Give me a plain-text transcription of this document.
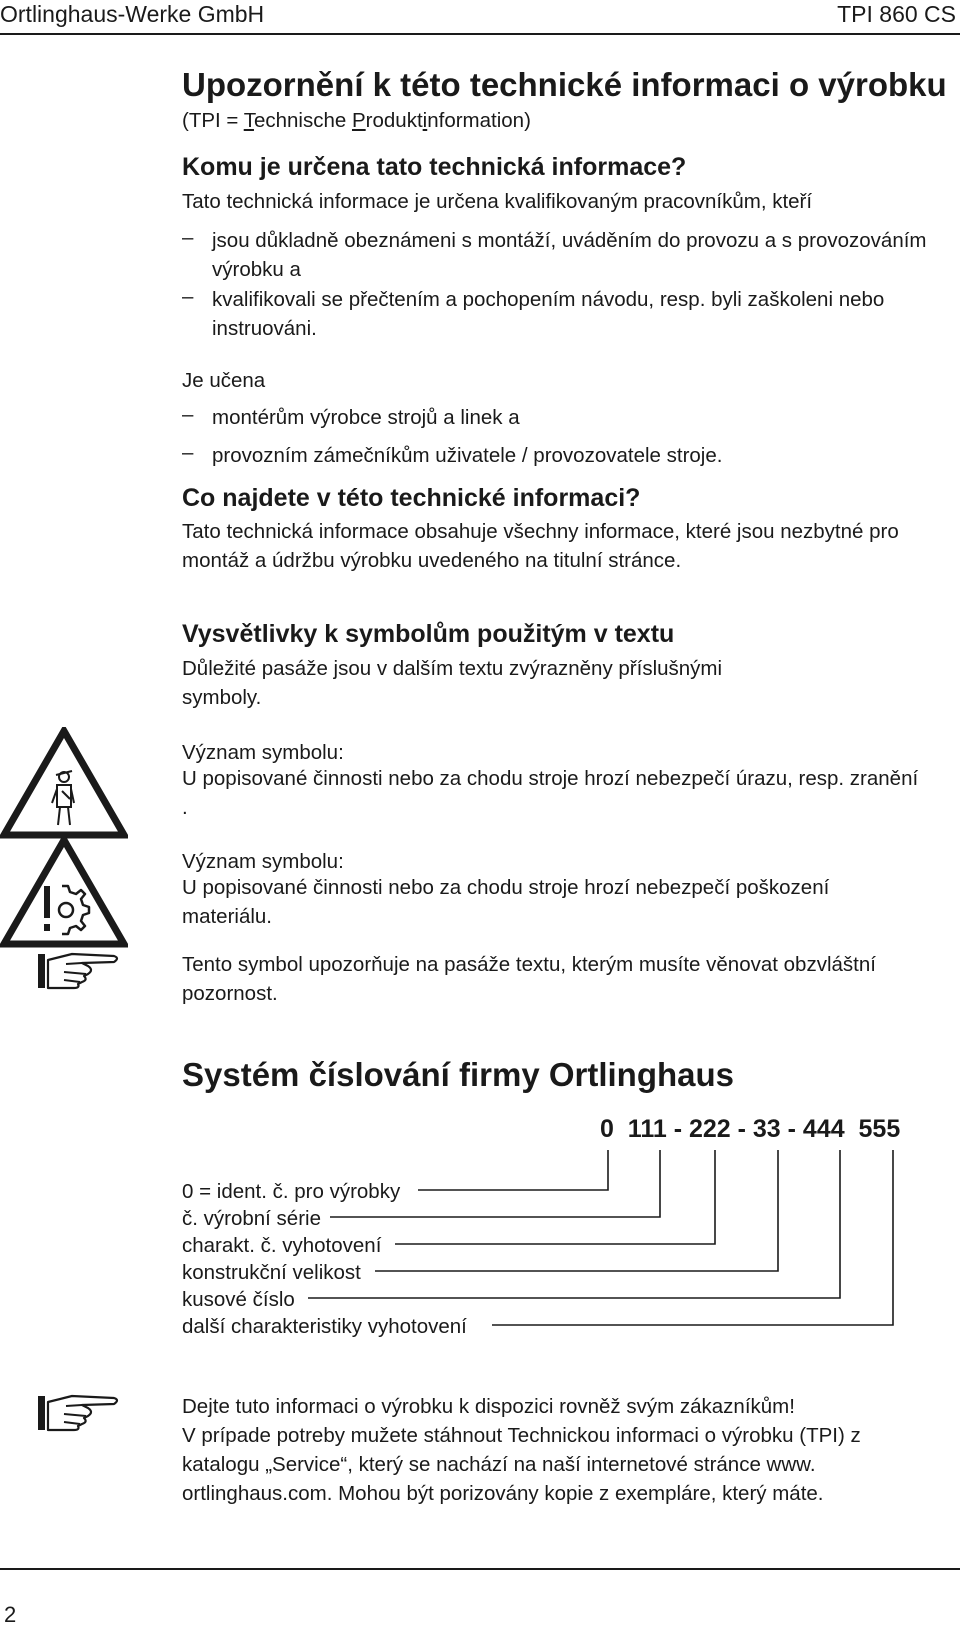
Ortlinghaus-Werke GmbH	TPI 860 CS
Upozornění k této technické informaci o výrobku
(TPI = Technische Produktinformation)
Komu je určena tato technická informace?
Tato technická informace je určena kvalifikovaným pracovníkům, kteří
– jsou důkladně obeznámeni s montáží, uváděním do provozu a s provozováním výrobku a
– kvalifikovali se přečtením a pochopením návodu, resp. byli zaškoleni nebo instruováni.
Je učena
– montérům výrobce strojů a linek a
– provozním zámečníkům uživatele / provozovatele stroje.
Co najdete v této technické informaci?
Tato technická informace obsahuje všechny informace, které jsou nezbytné pro montáž a údržbu výrobku uvedeného na titulní stránce.
Vysvětlivky k symbolům použitým v textu
Důležité pasáže jsou v dalším textu zvýrazněny příslušnými symboly.
Význam symbolu:
U popisované činnosti nebo za chodu stroje hrozí nebezpečí úrazu, resp. zranění .
Význam symbolu:
U popisované činnosti nebo za chodu stroje hrozí nebezpečí poškození materiálu.
Tento symbol upozorňuje na pasáže textu, kterým musíte věnovat obzvláštní pozornost.
Systém číslování firmy Ortlinghaus
0  111 - 222 - 33 - 444  555
0 = ident. č. pro výrobky
č. výrobní série
charakt. č. vyhotovení
konstrukční velikost
kusové číslo
další charakteristiky vyhotovení
Dejte tuto informaci o výrobku k dispozici rovněž svým zákazníkům!
V prípade potreby mužete stáhnout Technickou informaci o výrobku (TPI) z katalogu „Service“, který se nachází na naší internetové stránce www. ortlinghaus.com. Mohou být porizovány kopie z exempláre, který máte.
2
